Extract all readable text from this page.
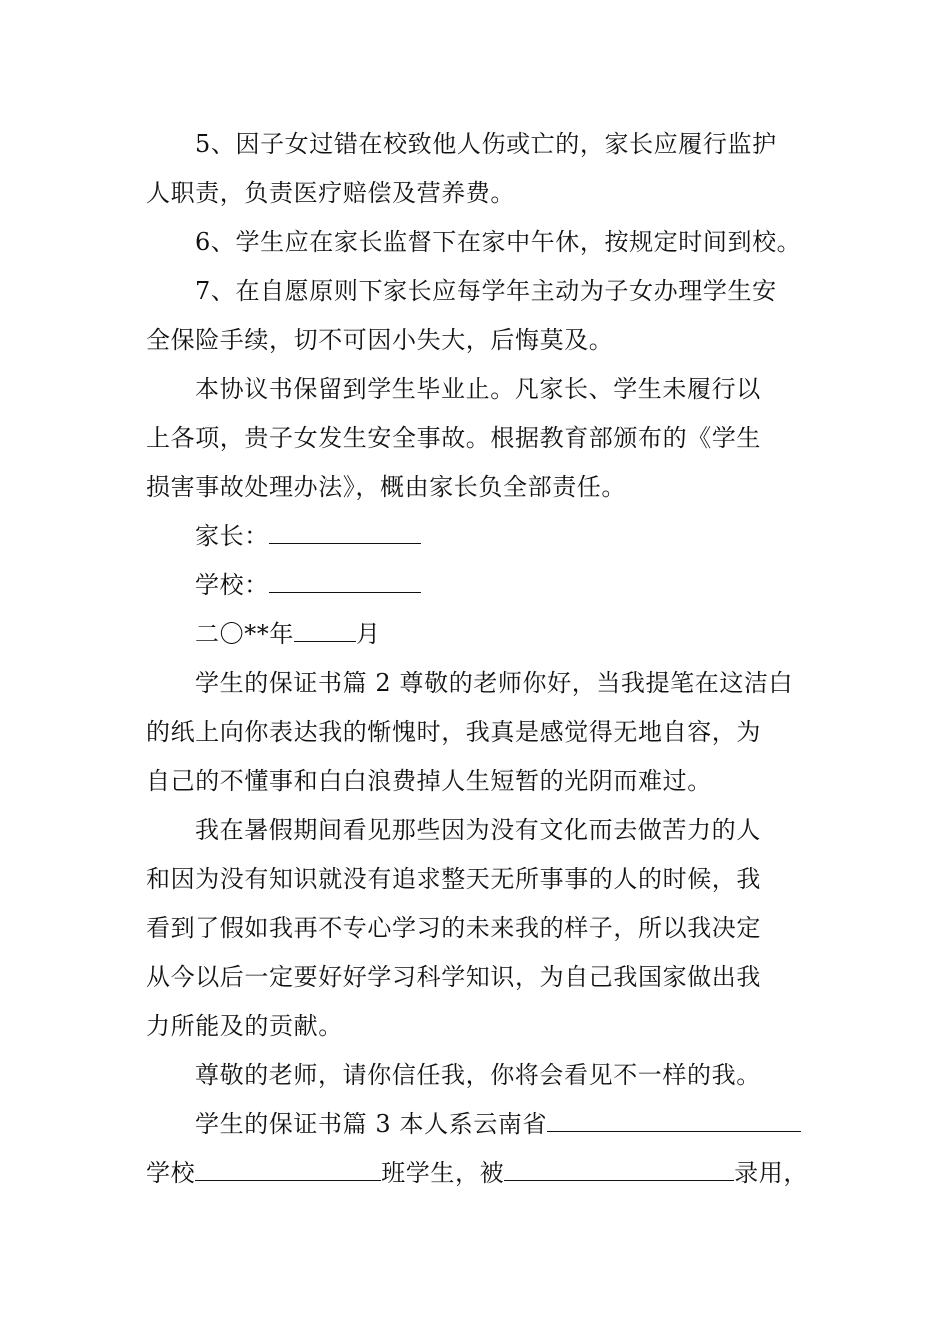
5、因子女过错在校致他人伤或亡的，家长应履行监护
人职责，负责医疗赔偿及营养费。
6、学生应在家长监督下在家中午休，按规定时间到校。
7、在自愿原则下家长应每学年主动为子女办理学生安
全保险手续，切不可因小失大，后悔莫及。
本协议书保留到学生毕业止。凡家长、学生未履行以
上各项，贵子女发生安全事故。根据教育部颁布的《学生
损害事故处理办法》，概由家长负全部责任。
家长：
学校：
二〇**年	月
学生的保证书篇 2 尊敬的老师你好，当我提笔在这洁白
的纸上向你表达我的惭愧时，我真是感觉得无地自容，为
自己的不懂事和白白浪费掉人生短暂的光阴而难过。
我在暑假期间看见那些因为没有文化而去做苦力的人
和因为没有知识就没有追求整天无所事事的人的时候，我
看到了假如我再不专心学习的未来我的样子，所以我决定
从今以后一定要好好学习科学知识，为自己我国家做出我
力所能及的贡献。
尊敬的老师，请你信任我，你将会看见不一样的我。
学生的保证书篇 3 本人系云南省
学校	班学生，被	录用，
